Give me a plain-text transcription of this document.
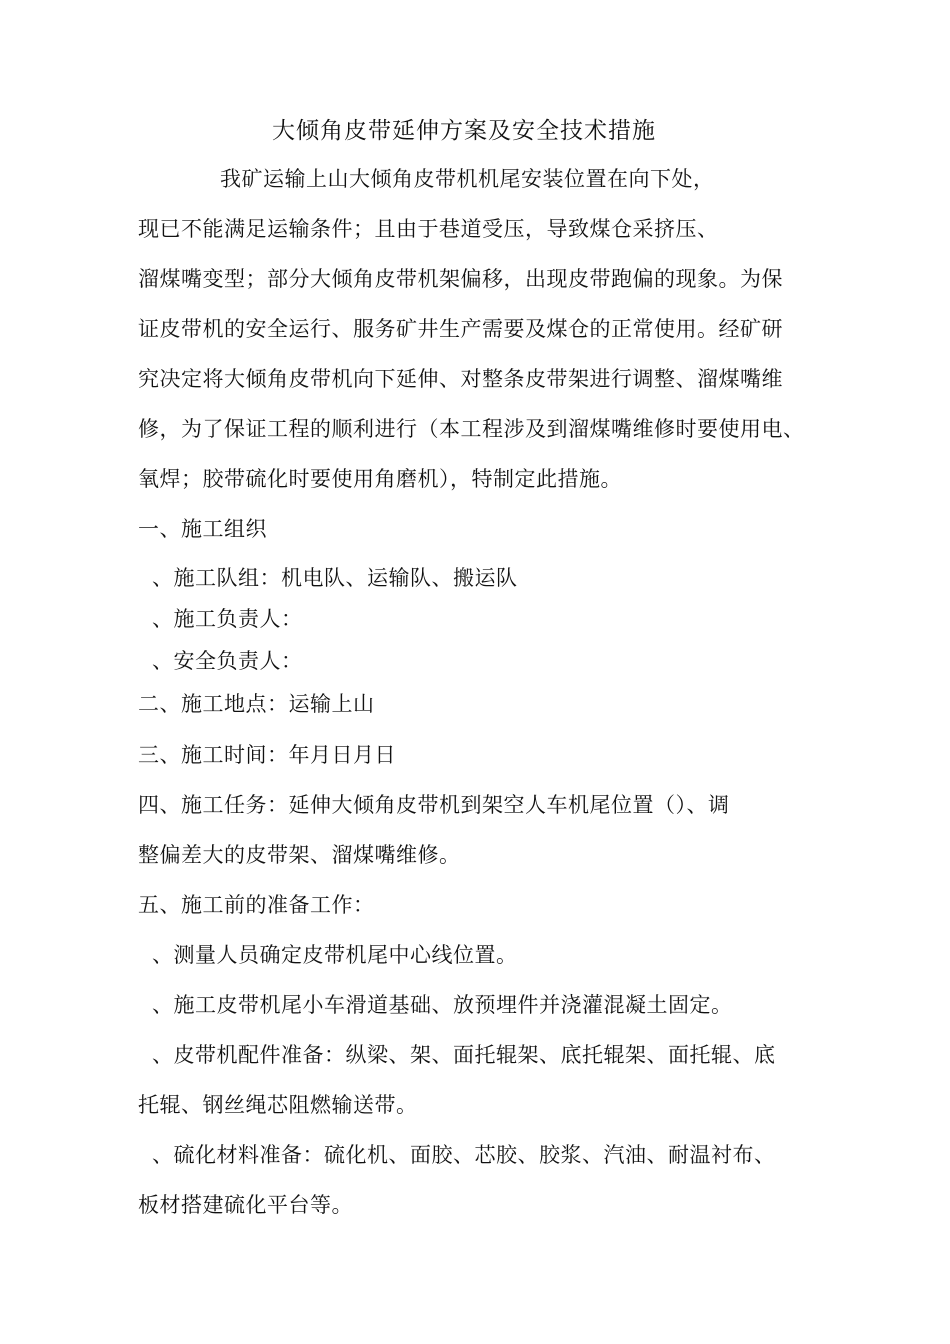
大倾角皮带延伸方案及安全技术措施
我矿运输上山大倾角皮带机机尾安装位置在向下处，
现已不能满足运输条件；且由于巷道受压，导致煤仓采挤压、
溜煤嘴变型；部分大倾角皮带机架偏移，出现皮带跑偏的现象。为保
证皮带机的安全运行、服务矿井生产需要及煤仓的正常使用。经矿研
究决定将大倾角皮带机向下延伸、对整条皮带架进行调整、溜煤嘴维
修，为了保证工程的顺利进行（本工程涉及到溜煤嘴维修时要使用电、
氧焊；胶带硫化时要使用角磨机），特制定此措施。
一、施工组织
、施工队组：机电队、运输队、搬运队
、施工负责人：
、安全负责人：
二、施工地点：运输上山
三、施工时间：年月日月日
四、施工任务：延伸大倾角皮带机到架空人车机尾位置（）、调
整偏差大的皮带架、溜煤嘴维修。
五、施工前的准备工作：
、测量人员确定皮带机尾中心线位置。
、施工皮带机尾小车滑道基础、放预埋件并浇灌混凝土固定。
、皮带机配件准备：纵梁、架、面托辊架、底托辊架、面托辊、底
托辊、钢丝绳芯阻燃输送带。
、硫化材料准备：硫化机、面胶、芯胶、胶浆、汽油、耐温衬布、
板材搭建硫化平台等。
